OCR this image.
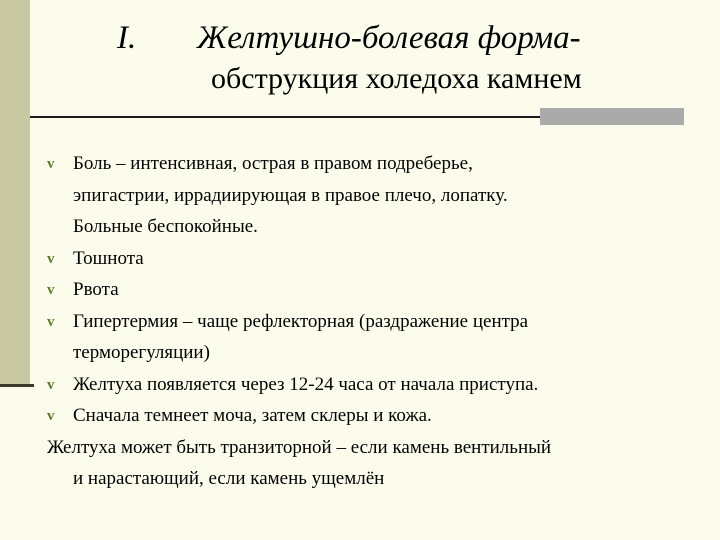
I. Желтушно-болевая форма-
обструкция холедоха камнем
v Боль – интенсивная, острая в правом подреберье,
эпигастрии, иррадиирующая в правое плечо, лопатку.
Больные беспокойные.
v Тошнота
v Рвота
v Гипертермия – чаще рефлекторная (раздражение центра
терморегуляции)
v Желтуха появляется через 12-24 часа от начала приступа.
v Сначала темнеет моча, затем склеры и кожа.
Желтуха может быть транзиторной – если камень вентильный
и нарастающий, если камень ущемлён
